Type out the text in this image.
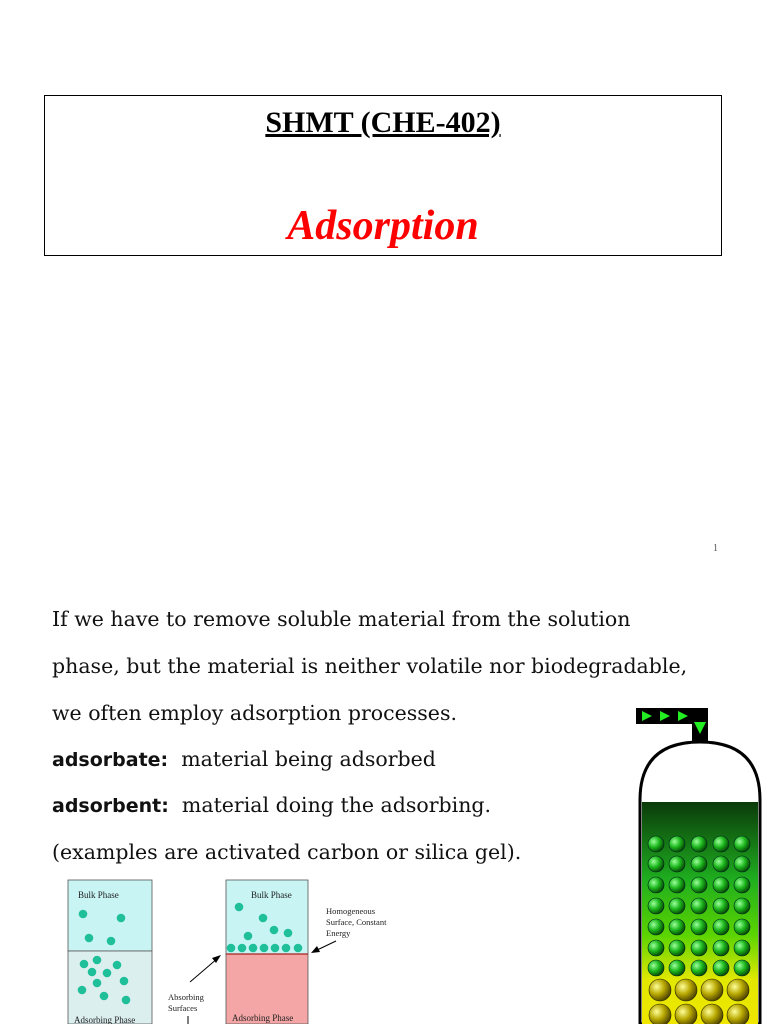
SHMT (CHE-402)
Adsorption
1
If we have to remove soluble material from the solution
phase, but the material is neither volatile nor biodegradable,
we often employ adsorption processes.
adsorbate: material being adsorbed
adsorbent: material doing the adsorbing.
(examples are activated carbon or silica gel).
Bulk Phase
Adsorbing Phase
Bulk Phase
Adsorbing Phase
Absorbing
Surfaces
Homogeneous
Surface, Constant
Energy
